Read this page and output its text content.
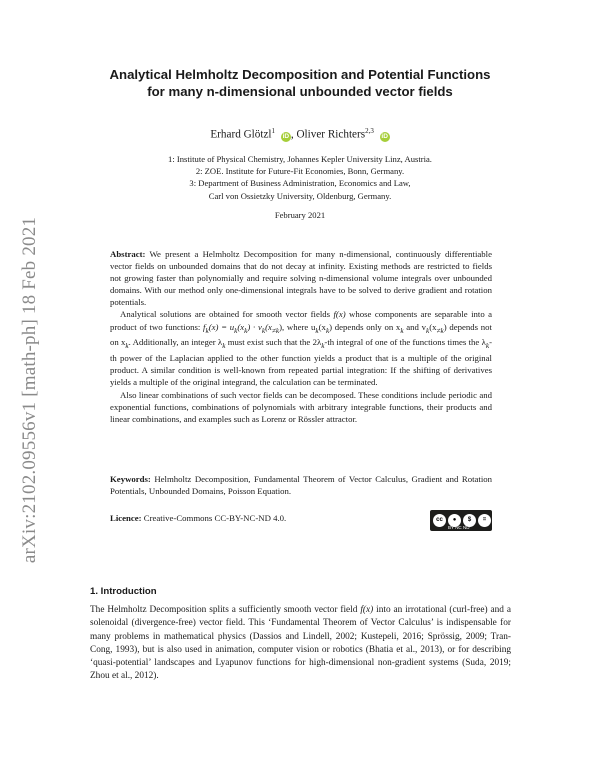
arXiv:2102.09556v1 [math-ph] 18 Feb 2021
Analytical Helmholtz Decomposition and Potential Functions
for many n-dimensional unbounded vector fields
Erhard Glötzl$^1$ iD , Oliver Richters$^{2,3}$ iD
1: Institute of Physical Chemistry, Johannes Kepler University Linz, Austria.
2: ZOE. Institute for Future-Fit Economies, Bonn, Germany.
3: Department of Business Administration, Economics and Law,
Carl von Ossietzky University, Oldenburg, Germany.
February 2021

Abstract: We present a Helmholtz Decomposition for many n-dimensional, continuously differentiable vector fields on unbounded domains that do not decay at infinity. Existing methods are restricted to fields not growing faster than polynomially and require solving n-dimensional volume integrals over unbounded domains. With our method only one-dimensional integrals have to be solved to derive gradient and rotation potentials.

Analytical solutions are obtained for smooth vector fields f(x) whose components are separable into a product of two functions: $f_k(x) = u_k(x_k) \cdot v_k(x_{\ne k})$, where $u_k(x_k)$ depends only on $x_k$ and $v_k(x_{\ne k})$ depends not on $x_k$. Additionally, an integer $\lambda_k$ must exist such that the $2\lambda_k-th$ integral of one of the functions times the $\lambda_k-th$ power of the Laplacian applied to the other function yields a product that is a multiple of the original product. A similar condition is well-known from repeated partial integration: If the shifting of derivatives yields a multiple of the original integrand, the calculation can be terminated.

Also linear combinations of such vector fields can be decomposed. These conditions include periodic and exponential functions, combinations of polynomials with arbitrary integrable functions, their products and linear combinations, and examples such as Lorenz or Rössler attractor.

Keywords: Helmholtz Decomposition, Fundamental Theorem of Vector Calculus, Gradient and Rotation Potentials, Unbounded Domains, Poisson Equation.
Licence: Creative-Commons CC-BY-NC-ND 4.0.	cc	●	$	=
BY NC ND
1. Introduction
The Helmholtz Decomposition splits a sufficiently smooth vector field f(x) into an irrotational (curl-free) and a solenoidal (divergence-free) vector field. This ‘Fundamental Theorem of Vector Calculus’ is indispensable for many problems in mathematical physics (Dassios and Lindell, 2002; Kustepeli, 2016; Sprössig, 2009; Tran-Cong, 1993), but is also used in animation, computer vision or robotics (Bhatia et al., 2013), or for describing ‘quasi-potential’ landscapes and Lyapunov functions for high-dimensional non-gradient systems (Suda, 2019; Zhou et al., 2012).
